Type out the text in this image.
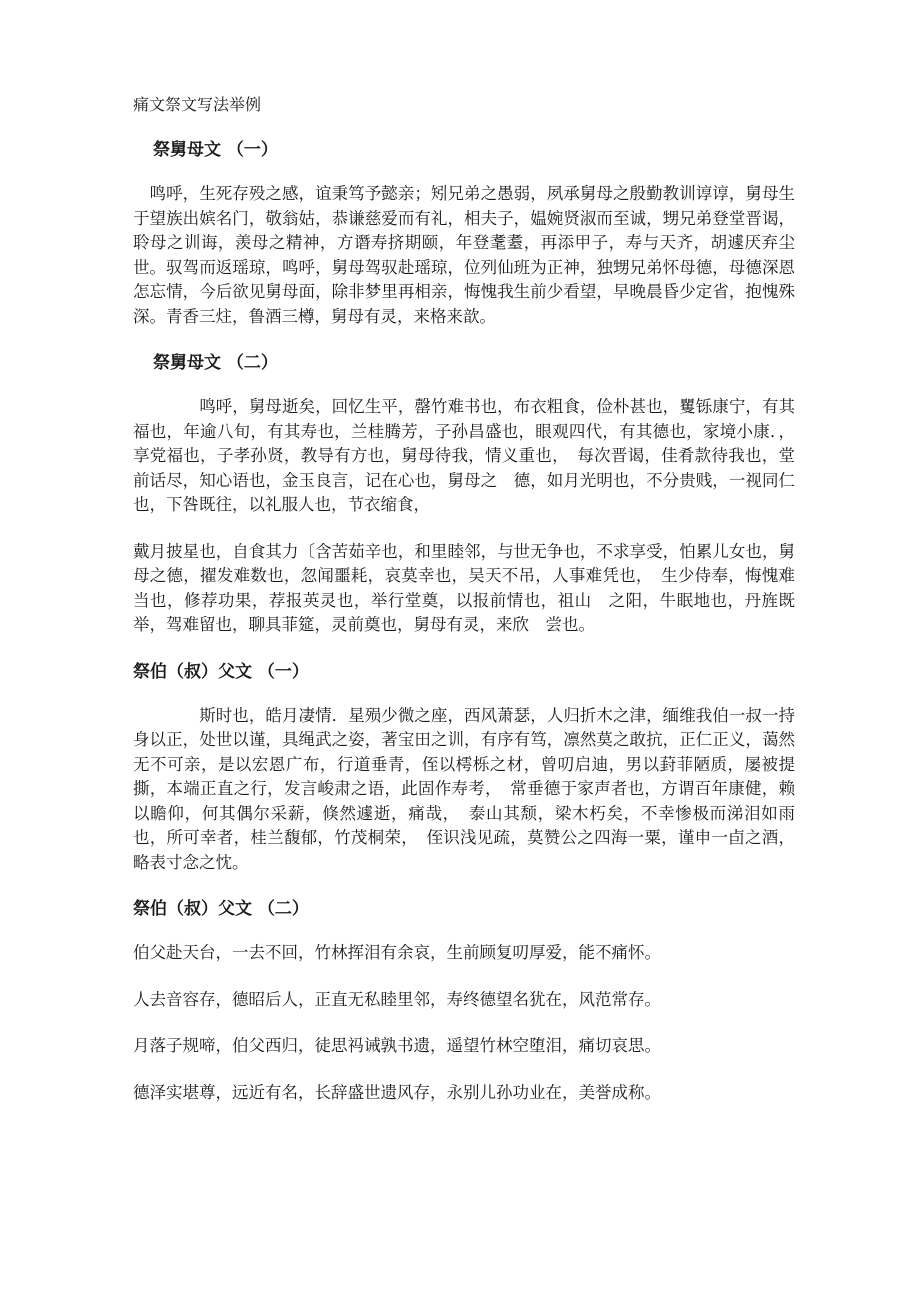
痛文祭文写法举例
祭舅母文 （一）

　鸣呼，生死存殁之感，谊秉笃予懿亲；矧兄弟之愚弱，夙承舅母之殷勤教训谆谆，舅母生于望族出嫔名门，敬翁姑，恭谦慈爱而有礼，相夫子，媪婉贤淑而至诚，甥兄弟登堂晋谒，聆母之训诲，羡母之精神，方谮寿挤期颐，年登耄耋，再添甲子，寿与天齐，胡遽厌弃尘世。驭驾而返瑶琼，鸣呼，舅母驾驭赴瑶琼，位列仙班为正神，独甥兄弟怀母德，母德深恩怎忘情，今后欲见舅母面，除非梦里再相亲，悔愧我生前少看望，早晚晨昏少定省，抱愧殊深。青香三炷，鲁酒三樽，舅母有灵，来格来歆。

祭舅母文 （二）

　　　　鸣呼，舅母逝矣，回忆生平，罄竹难书也，布衣粗食，俭朴甚也，矍铄康宁，有其福也，年逾八旬，有其寿也，兰桂腾芳，子孙昌盛也，眼观四代，有其德也，家境小康．，享党福也，子孝孙贤，教导有方也，舅母待我，情义重也，　每次晋谒，佳肴款待我也，堂前话尽，知心语也，金玉良言，记在心也，舅母之　德，如月光明也，不分贵贱，一视同仁也，下咎既往，以礼服人也，节衣缩食，

戴月披星也，自食其力〔含苦茹辛也，和里睦邻，与世无争也，不求享受，怕累儿女也，舅母之德，擢发难数也，忽闻噩耗，哀莫幸也，吴天不吊，人事难凭也，　生少侍奉，悔愧难当也，修荐功果，荐报英灵也，举行堂奠，以报前情也，祖山　之阳，牛眠地也，丹旌既举，驾难留也，聊具菲筵，灵前奠也，舅母有灵，来欣　尝也。

祭伯（叔）父文 （一）

　　　　斯时也，皓月凄情．星殒少微之座，西风萧瑟，人归折木之津，缅维我伯一叔一持身以正，处世以谨，具绳武之姿，著宝田之训，有序有笃，凛然莫之敢抗，正仁正义，蔼然无不可亲，是以宏恩广布，行道垂青，侄以樗栎之材，曾叨启迪，男以葑菲陋质，屡被提撕，本端正直之行，发言峻肃之语，此固作寿考，　常垂德于家声者也，方谓百年康健，赖以瞻仰，何其偶尔采薪，倏然遽逝，痛哉，　泰山其颓，梁木朽矣，不幸惨极而涕泪如雨也，所可幸者，桂兰馥郁，竹茂桐荣，　侄识浅见疏，莫赞公之四海一粟，谨申一卣之酒，略表寸念之忱。

祭伯（叔）父文 （二）
伯父赴天台，一去不回，竹林挥泪有余哀，生前顾复叨厚爱，能不痛怀。
人去音容存，德昭后人，正直无私睦里邻，寿终德望名犹在，风范常存。
月落子规啼，伯父西归，徒思祃诫孰书遗，遥望竹林空堕泪，痛切哀思。
德泽实堪尊，远近有名，长辞盛世遗风存，永别儿孙功业在，美誉成称。
